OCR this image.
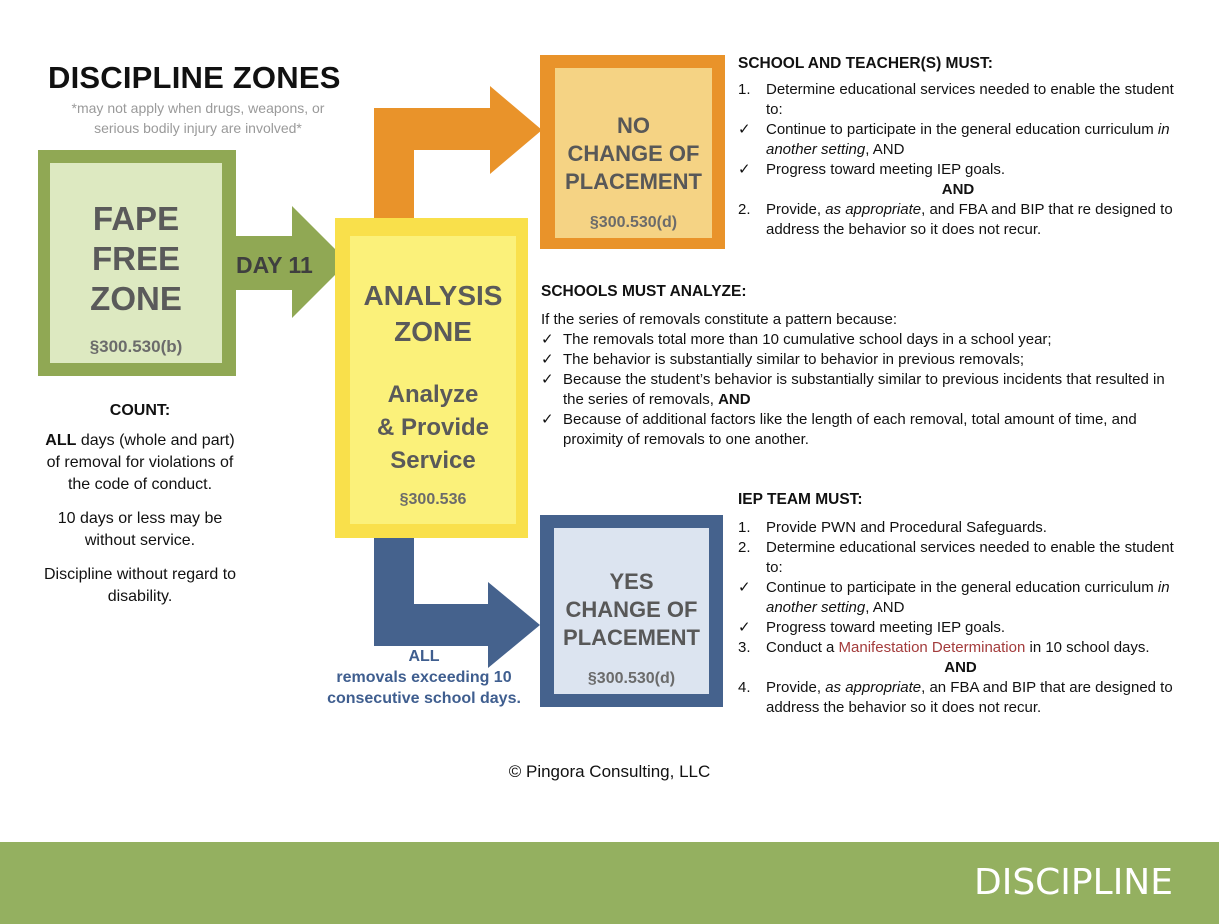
DISCIPLINE ZONES
*may not apply when drugs, weapons, or
serious bodily injury are involved*
FAPE
FREE
ZONE
§300.530(b)
DAY 11
ANALYSIS
ZONE
Analyze
& Provide
Service
§300.536
NO
CHANGE OF
PLACEMENT
§300.530(d)
YES
CHANGE OF
PLACEMENT
§300.530(d)
ALL
removals exceeding 10
consecutive school days.
COUNT:

ALL days (whole and part) of removal for violations of the code of conduct.

10 days or less may be without service.

Discipline without regard to disability.

SCHOOL AND TEACHER(S) MUST:
1.	Determine educational services needed to enable the student to:
✓	Continue to participate in the general education curriculum in another setting, AND
✓	Progress toward meeting IEP goals.
AND
2.	Provide, as appropriate, and FBA and BIP that re designed to address the behavior so it does not recur.
SCHOOLS MUST ANALYZE:
If the series of removals constitute a pattern because:
✓ The removals total more than 10 cumulative school days in a school year;
✓ The behavior is substantially similar to behavior in previous removals;
✓ Because the student’s behavior is substantially similar to previous incidents that resulted in the series of removals, AND
✓ Because of additional factors like the length of each removal, total amount of time, and proximity of removals to one another.
IEP TEAM MUST:
1.	Provide PWN and Procedural Safeguards.
2.	Determine educational services needed to enable the student to:
✓	Continue to participate in the general education curriculum in another setting, AND
✓	Progress toward meeting IEP goals.
3.	Conduct a Manifestation Determination in 10 school days.
AND
4.	Provide, as appropriate, an FBA and BIP that are designed to address the behavior so it does not recur.
© Pingora Consulting, LLC
DISCIPLINE
